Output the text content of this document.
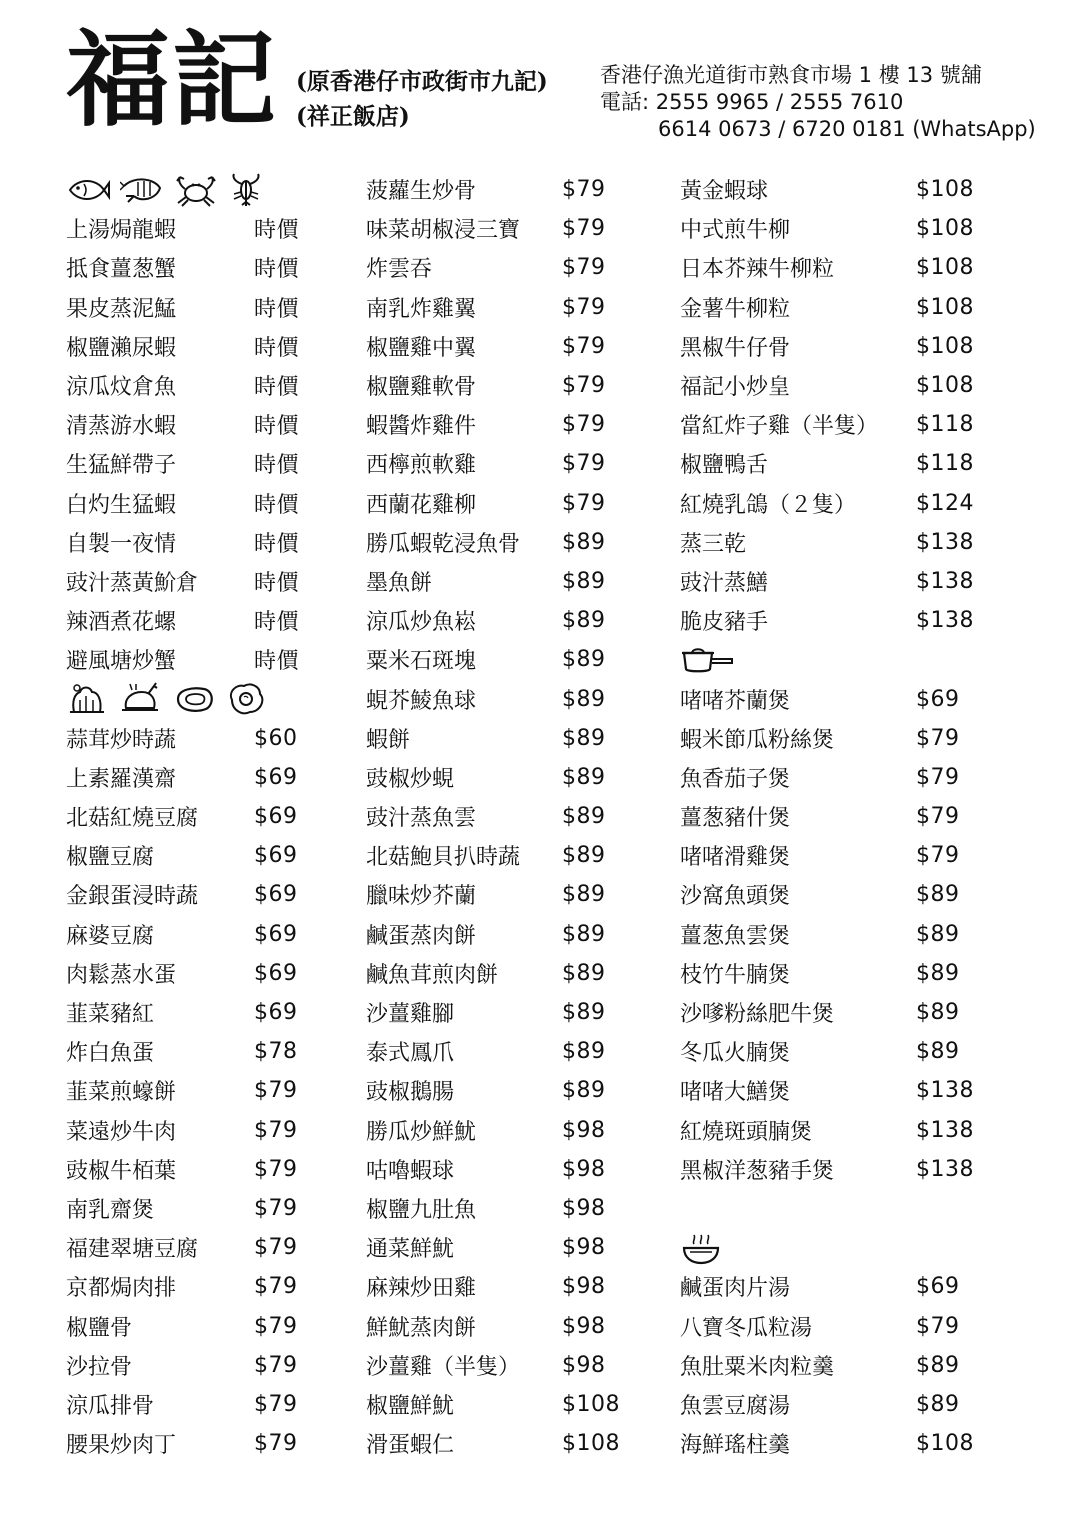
福記 (原香港仔市政街市九記)
(祥正飯店)
香港仔漁光道街市熟食市場 1 樓 13 號舖
電話: 2555 9965 / 2555 7610
6614 0673 / 6720 0181 (WhatsApp)
上湯焗龍蝦	時價
抵食薑葱蟹	時價
果皮蒸泥鯭	時價
椒鹽瀨尿蝦	時價
涼瓜炆倉魚	時價
清蒸游水蝦	時價
生猛鮮帶子	時價
白灼生猛蝦	時價
自製一夜情	時價
豉汁蒸黃魪倉	時價
辣酒煮花螺	時價
避風塘炒蟹	時價
蒜茸炒時蔬	$60
上素羅漢齋	$69
北菇紅燒豆腐	$69
椒鹽豆腐	$69
金銀蛋浸時蔬	$69
麻婆豆腐	$69
肉鬆蒸水蛋	$69
韮菜豬紅	$69
炸白魚蛋	$78
韮菜煎蠔餅	$79
菜遠炒牛肉	$79
豉椒牛栢葉	$79
南乳齋煲	$79
福建翠塘豆腐	$79
京都焗肉排	$79
椒鹽骨	$79
沙拉骨	$79
涼瓜排骨	$79
腰果炒肉丁	$79
菠蘿生炒骨	$79
味菜胡椒浸三寶	$79
炸雲吞	$79
南乳炸雞翼	$79
椒鹽雞中翼	$79
椒鹽雞軟骨	$79
蝦醬炸雞件	$79
西檸煎軟雞	$79
西蘭花雞柳	$79
勝瓜蝦乾浸魚骨	$89
墨魚餅	$89
涼瓜炒魚崧	$89
粟米石斑塊	$89
蜆芥鯪魚球	$89
蝦餅	$89
豉椒炒蜆	$89
豉汁蒸魚雲	$89
北菇鮑貝扒時蔬	$89
臘味炒芥蘭	$89
鹹蛋蒸肉餅	$89
鹹魚茸煎肉餅	$89
沙薑雞腳	$89
泰式鳳爪	$89
豉椒鵝腸	$89
勝瓜炒鮮魷	$98
咕嚕蝦球	$98
椒鹽九肚魚	$98
通菜鮮魷	$98
麻辣炒田雞	$98
鮮魷蒸肉餅	$98
沙薑雞（半隻）	$98
椒鹽鮮魷	$108
滑蛋蝦仁	$108
黃金蝦球	$108
中式煎牛柳	$108
日本芥辣牛柳粒	$108
金薯牛柳粒	$108
黑椒牛仔骨	$108
福記小炒皇	$108
當紅炸子雞（半隻）	$118
椒鹽鴨舌	$118
紅燒乳鴿（２隻）	$124
蒸三乾	$138
豉汁蒸鱔	$138
脆皮豬手	$138
啫啫芥蘭煲	$69
蝦米節瓜粉絲煲	$79
魚香茄子煲	$79
薑葱豬什煲	$79
啫啫滑雞煲	$79
沙窩魚頭煲	$89
薑葱魚雲煲	$89
枝竹牛腩煲	$89
沙嗲粉絲肥牛煲	$89
冬瓜火腩煲	$89
啫啫大鱔煲	$138
紅燒斑頭腩煲	$138
黑椒洋葱豬手煲	$138
鹹蛋肉片湯	$69
八寶冬瓜粒湯	$79
魚肚粟米肉粒羹	$89
魚雲豆腐湯	$89
海鮮瑤柱羹	$108
